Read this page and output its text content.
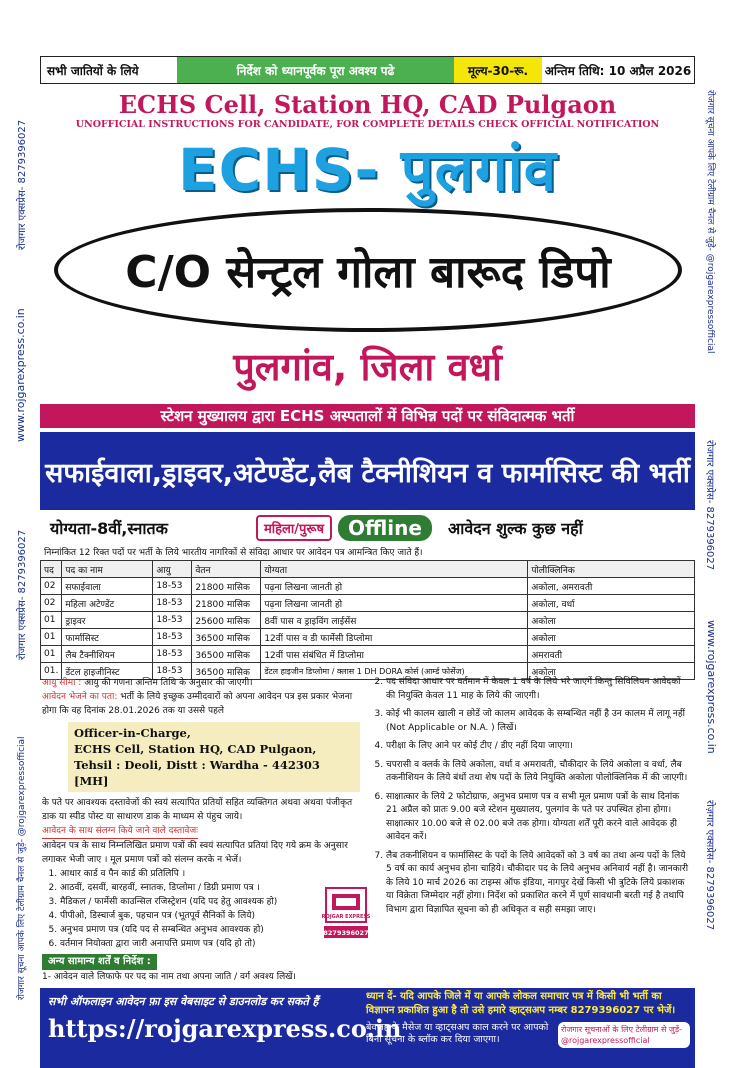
रोजगार एक्सप्रेस- 8279396027
www.rojgarexpress.co.in
रोजगार एक्सप्रेस- 8279396027
रोजगार सूचना आपके लिए टेलीग्राम चैनल से जुड़े- @rojgarexpressofficial
रोजगार सूचना आपके लिए टेलीग्राम चैनल से जुड़े- @rojgarexpressofficial
रोजगार एक्सप्रेस- 8279396027
www.rojgarexpress.co.in
रोज़गार एक्सप्रेस- 8279396027
सभी जातियों के लिये	निर्देश को ध्यानपूर्वक पूरा अवश्य पढे	मूल्य-30-रू.	अन्तिम तिथि: 10 अप्रैल 2026
ECHS Cell, Station HQ, CAD Pulgaon
UNOFFICIAL INSTRUCTIONS FOR CANDIDATE, FOR COMPLETE DETAILS CHECK OFFICIAL NOTIFICATION
ECHS- पुलगांव
C/O सेन्ट्रल गोला बारूद डिपो
पुलगांव, जिला वर्धा
स्टेशन मुख्यालय द्वारा ECHS अस्पतालों में विभिन्न पदों पर संविदात्मक भर्ती
सफाईवाला,ड्राइवर,अटेण्डेंट,लैब टैक्नीशियन व फार्मासिस्ट की भर्ती
योग्यता-8वीं,स्नातक	महिला/पुरूष	Offline	आवेदन शुल्क कुछ नहीं
निम्नांकित 12 रिक्त पदों पर भर्ती के लिये भारतीय नागरिकों से संविदा आधार पर आवेदन पत्र आमन्त्रित किए जाते हैं।
पद	पद का नाम	आयु	वेतन	योग्यता	पोलीक्लिनिक
02	सफाईवाला	18-53	21800 मासिक	पढ़ना लिखना जानती हो	अकोला, अमरावती
02	महिला अटेण्डेंट	18-53	21800 मासिक	पढ़ना लिखना जानती हो	अकोला, वर्धा
01	ड्राइवर	18-53	25600 मासिक	8वीं पास व ड्राइविंग लाईसेंस	अकोला
01	फार्मासिस्ट	18-53	36500 मासिक	12वीं पास व डी फार्मेसी डिप्लोमा	अकोला
01	लैब टैक्नीशियन	18-53	36500 मासिक	12वीं पास संबंधित में डिप्लोमा	अमरावती
01.	डेंटल हाइजीनिस्ट	18-53	36500 मासिक	डेंटल हाइजीन डिप्लोमा / क्लास 1 DH DORA कोर्स (आर्म्ड फोर्सेज)	अकोला
आयु सीमा : आयु की गणना अन्तिम तिथि के अनुसार की जाएगी।
आवेदन भेजने का पता: भर्ती के लिये इच्छुक उम्मीदवारों को अपना आवेदन पत्र इस प्रकार भेजना होगा कि वह दिनांक 28.01.2026 तक या उससे पहले
Officer-in-Charge,
ECHS Cell, Station HQ, CAD Pulgaon,
Tehsil : Deoli, Distt : Wardha - 442303 [MH]
के पते पर आवश्यक दस्तावेजों की स्वयं सत्यापित प्रतियों सहित व्यक्तिगत अथवा अथवा पंजीकृत डाक या स्पीड पोस्ट या साधारण डाक के माध्यम से पंहुच जाये।
आवेदन के साथ संलग्न किये जाने वाले दस्तावेजः
आवेदन पत्र के साथ निम्नलिखित प्रमाण पत्रों की स्वयं सत्यापित प्रतियां दिए गये क्रम के अनुसार लगाकर भेजी जाए । मूल प्रमाण पत्रों को संलग्न करके न भेजें।
1. आधार कार्ड व पैन कार्ड की प्रतिलिपि ।
2. आठवीं, दसवीं, बारहवीं, स्नातक, डिप्लोमा / डिग्री प्रमाण पत्र ।
3. मैडिकल / फार्मेसी काउन्सिल रजिस्ट्रेशन (यदि पद हेतु आवश्यक हो)
4. पीपीओ, डिस्चार्ज बुक, पहचान पत्र (भूतपूर्व सैनिकों के लिये)
5. अनुभव प्रमाण पत्र (यदि पद से सम्बन्धित अनुभव आवश्यक हो)
6. वर्तमान नियोक्ता द्वारा जारी अनापत्ति प्रमाण पत्र (यदि हो तो)
अन्य सामान्य शर्तें व निर्देश :
1- आवेदन वाले लिफाफे पर पद का नाम तथा अपना जाति / वर्ग अवश्य लिखें।
2. पद संविदा आधार पर वर्तमान में केवल 1 वर्ष के लिये भरे जाएगें किन्तु सिविलियन आवेदकों की नियुक्ति केवल 11 माह के लिये की जाएगी।
3. कोई भी कालम खाली न छोडें जो कालम आवेदक के सम्बन्धित नहीं है उन कालम में लागू नहीं (Not Applicable or N.A. ) लिखें।
4. परीक्षा के लिए आने पर कोई टीए / डीए नहीं दिया जाएगा।
5. चपरासी व क्लर्क के लिये अकोला, वर्धा व अमरावती, चौकीदार के लिये अकोला व वर्धा, लैब तकनीशियन के लिये बंधों तथा शेष पदों के लिये नियुक्ति अकोला पोलोक्लिनिक में की जाएगी।
6. साक्षात्कार के लिये 2 फोटोग्राफ, अनुभव प्रमाण पत्र व सभी मूल प्रमाण पत्रों के साथ दिनांक 21 अप्रैल को प्रातः 9.00 बजे स्टेशन मुख्यालय, पुलगांव के पते पर उपस्थित होना होगा। साक्षात्कार 10.00 बजे से 02.00 बजे तक होगा। योग्यता शर्तें पूरी करने वाले आवेदक ही आवेदन करें।
7. लैब तकनीशियन व फार्मासिस्ट के पदों के लिये आवेदकों को 3 वर्ष का तथा अन्य पदों के लिये 5 वर्ष का कार्य अनुभव होना चाहिये। चौकीदार पद के लिये अनुभव अनिवार्य नहीं है। जानकारी के लिये 10 मार्च 2026 का टाइम्स ऑफ इंडिया, नागपुर देखें किसी भी त्रुटिके लिये प्रकाशक या विक्रेता जिम्मेदार नहीं होगा। निर्देश को प्रकाशित करने में पूर्ण सावधानी बरती गई है तथापि विभाग द्वारा विज्ञापित सूचना को ही अधिकृत व सही समझा जाए।
ROJGAR EXPRESS
8279396027
सभी ऑफलाइन आवेदन फ़ा इस वेबसाइट से डाउनलोड कर सकते हैं
https://rojgarexpress.co.in
ध्यान दें- यदि आपके जिले में या आपके लोकल समाचार पत्र में किसी भी भर्ती का विज्ञापन प्रकाशित हुआ है तो उसे हमारे व्हाट्सअप नम्बर 8279396027 पर भेजें।
बेवजह के मैसेज या व्हाट्सअप काल करने पर आपको बिना सूचना के ब्लॉक कर दिया जाएगा।
रोजगार सूचनाओं के लिए टेलीग्राम से जुड़ें- @rojgarexpressofficial
